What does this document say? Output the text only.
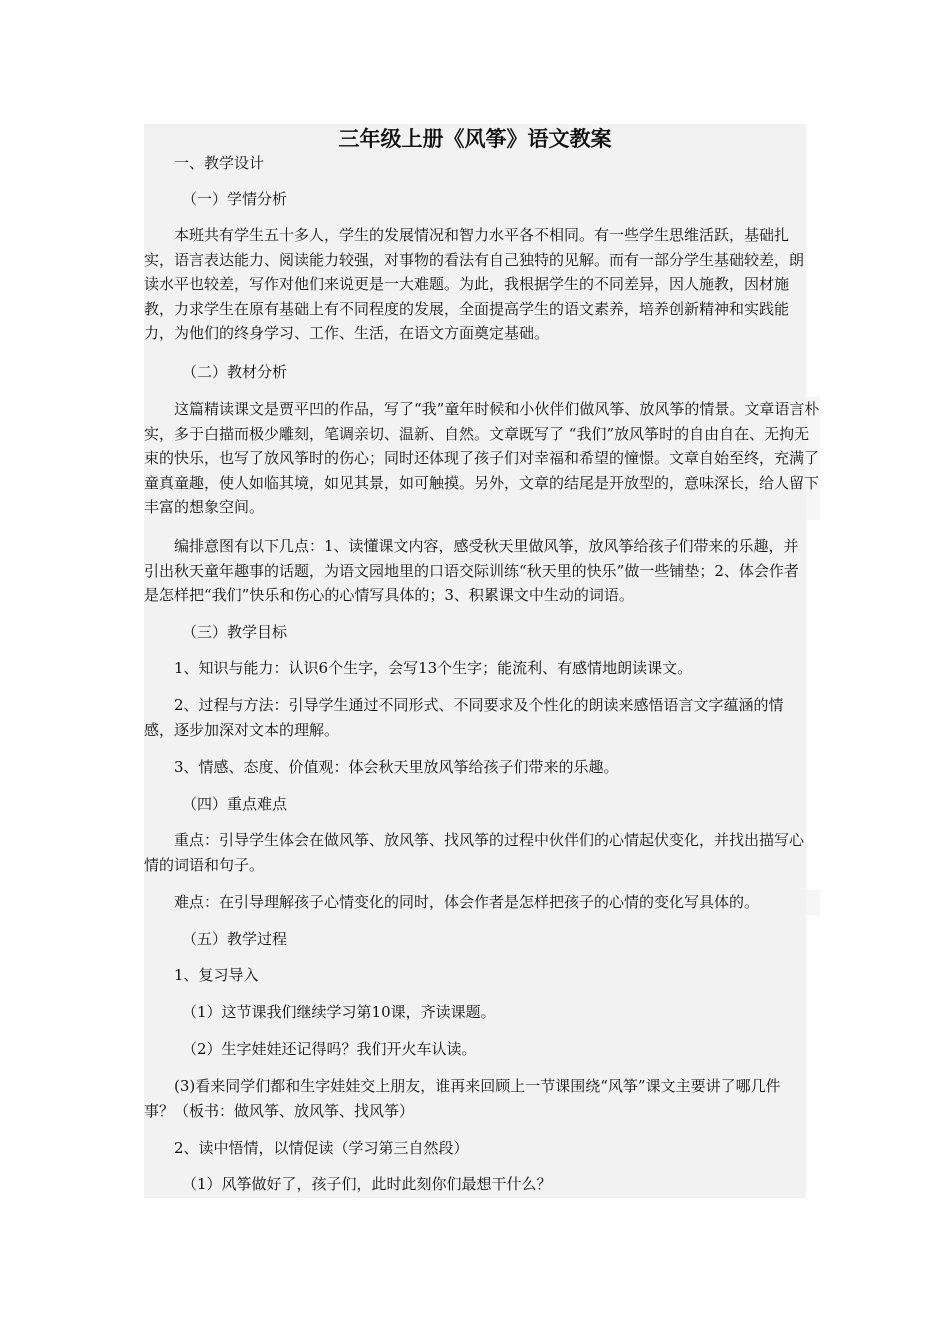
三年级上册《风筝》语文教案

一、教学设计

（一）学情分析

本班共有学生五十多人，学生的发展情况和智力水平各不相同。有一些学生思维活跃，基础扎实，语言表达能力、阅读能力较强，对事物的看法有自己独特的见解。而有一部分学生基础较差，朗读水平也较差，写作对他们来说更是一大难题。为此，我根据学生的不同差异，因人施教，因材施教，力求学生在原有基础上有不同程度的发展，全面提高学生的语文素养，培养创新精神和实践能力，为他们的终身学习、工作、生活，在语文方面奠定基础。

（二）教材分析

这篇精读课文是贾平凹的作品，写了“我”童年时候和小伙伴们做风筝、放风筝的情景。文章语言朴实，多于白描而极少雕刻，笔调亲切、温新、自然。文章既写了 “我们”放风筝时的自由自在、无拘无束的快乐，也写了放风筝时的伤心；同时还体现了孩子们对幸福和希望的憧憬。文章自始至终，充满了童真童趣，使人如临其境，如见其景，如可触摸。另外，文章的结尾是开放型的，意味深长，给人留下丰富的想象空间。

编排意图有以下几点：1、读懂课文内容，感受秋天里做风筝，放风筝给孩子们带来的乐趣，并引出秋天童年趣事的话题，为语文园地里的口语交际训练“秋天里的快乐”做一些铺垫；2、体会作者是怎样把“我们”快乐和伤心的心情写具体的；3、积累课文中生动的词语。

（三）教学目标

1、知识与能力：认识6个生字，会写13个生字；能流利、有感情地朗读课文。

2、过程与方法：引导学生通过不同形式、不同要求及个性化的朗读来感悟语言文字蕴涵的情感，逐步加深对文本的理解。

3、情感、态度、价值观：体会秋天里放风筝给孩子们带来的乐趣。

（四）重点难点

重点：引导学生体会在做风筝、放风筝、找风筝的过程中伙伴们的心情起伏变化，并找出描写心情的词语和句子。

难点：在引导理解孩子心情变化的同时，体会作者是怎样把孩子的心情的变化写具体的。

（五）教学过程

1、复习导入

（1）这节课我们继续学习第10课，齐读课题。

（2）生字娃娃还记得吗？我们开火车认读。

(3)看来同学们都和生字娃娃交上朋友，谁再来回顾上一节课围绕“风筝”课文主要讲了哪几件事？（板书：做风筝、放风筝、找风筝）

2、读中悟情，以情促读（学习第三自然段）

（1）风筝做好了，孩子们，此时此刻你们最想干什么？
